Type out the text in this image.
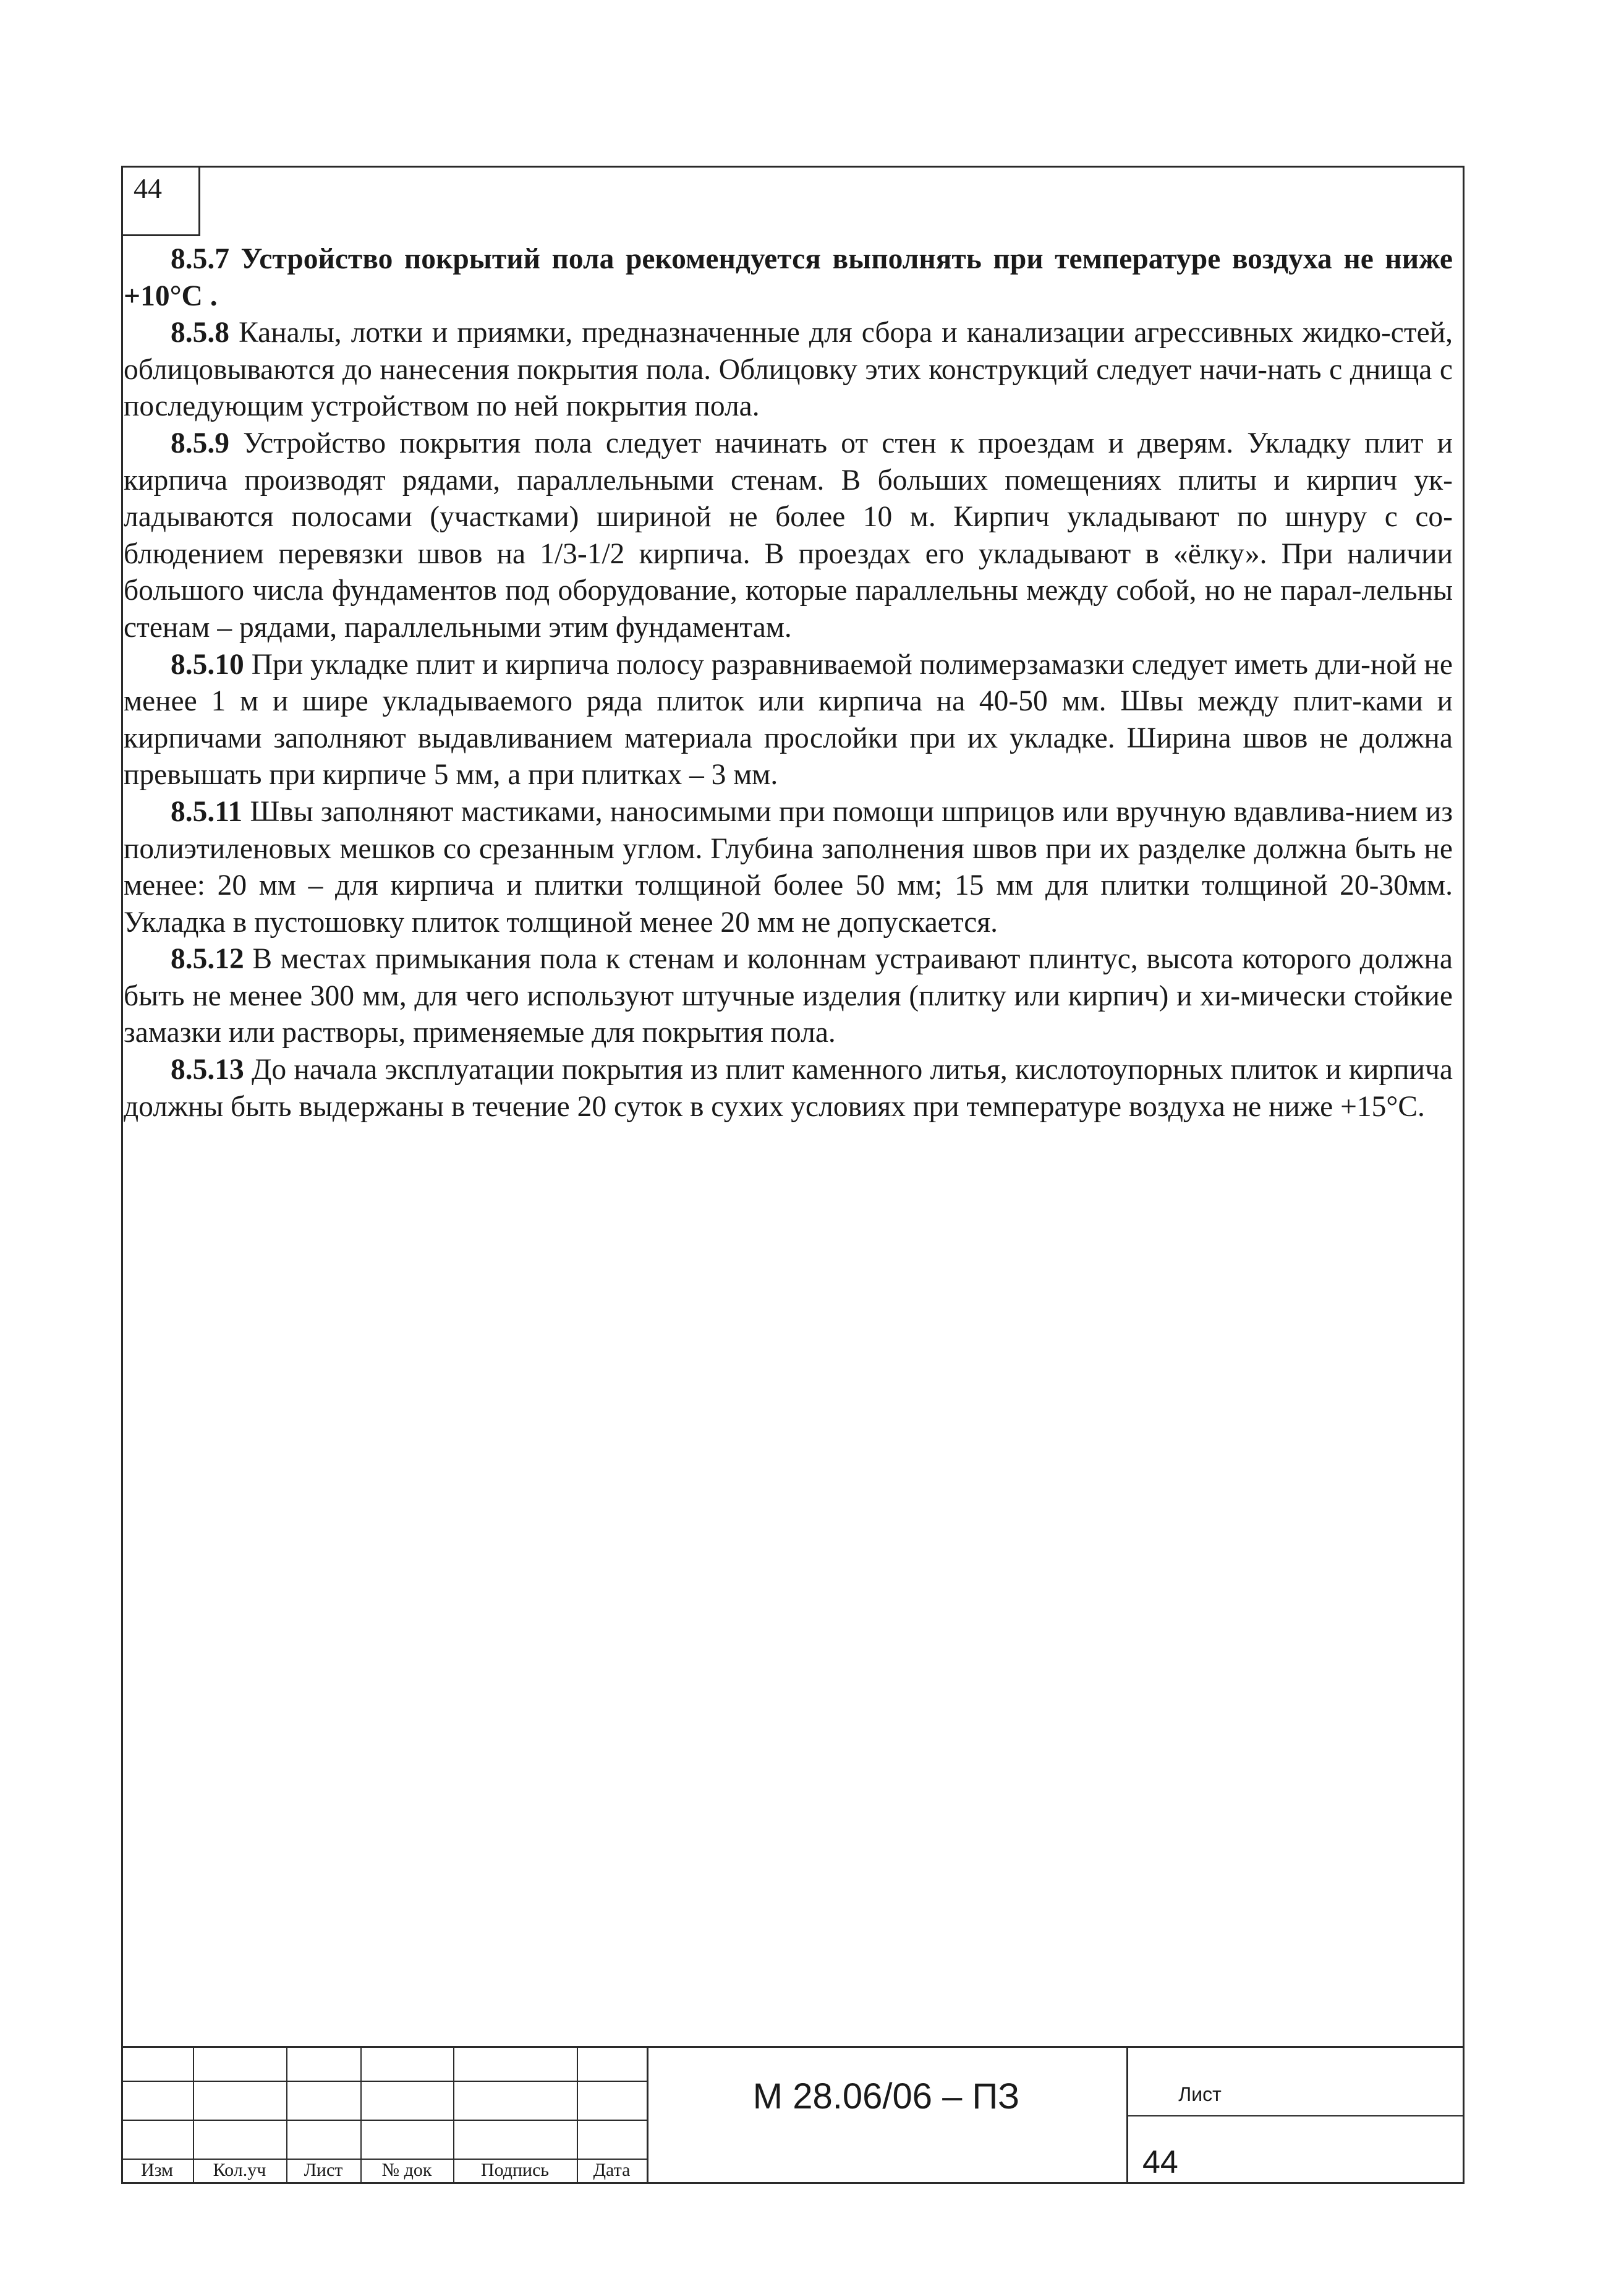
44

8.5.7 Устройство покрытий пола рекомендуется выполнять при температуре воздуха не ниже +10°С .

8.5.8 Каналы, лотки и приямки, предназначенные для сбора и канализации агрессивных жидко-стей, облицовываются до нанесения покрытия пола. Облицовку этих конструкций следует начи-нать с днища с последующим устройством по ней покрытия пола.

8.5.9 Устройство покрытия пола следует начинать от стен к проездам и дверям. Укладку плит и кирпича производят рядами, параллельными стенам. В больших помещениях плиты и кирпич ук-ладываются полосами (участками) шириной не более 10 м. Кирпич укладывают по шнуру с со-блюдением перевязки швов на 1/3-1/2 кирпича. В проездах его укладывают в «ёлку». При наличии большого числа фундаментов под оборудование, которые параллельны между собой, но не парал-лельны стенам – рядами, параллельными этим фундаментам.

8.5.10 При укладке плит и кирпича полосу разравниваемой полимерзамазки следует иметь дли-ной не менее 1 м и шире укладываемого ряда плиток или кирпича на 40-50 мм. Швы между плит-ками и кирпичами заполняют выдавливанием материала прослойки при их укладке. Ширина швов не должна превышать при кирпиче 5 мм, а при плитках – 3 мм.

8.5.11 Швы заполняют мастиками, наносимыми при помощи шприцов или вручную вдавлива-нием из полиэтиленовых мешков со срезанным углом. Глубина заполнения швов при их разделке должна быть не менее: 20 мм – для кирпича и плитки толщиной более 50 мм; 15 мм для плитки толщиной 20-30мм. Укладка в пустошовку плиток толщиной менее 20 мм не допускается.

8.5.12 В местах примыкания пола к стенам и колоннам устраивают плинтус, высота которого должна быть не менее 300 мм, для чего используют штучные изделия (плитку или кирпич) и хи-мически стойкие замазки или растворы, применяемые для покрытия пола.

8.5.13 До начала эксплуатации покрытия из плит каменного литья, кислотоупорных плиток и кирпича должны быть выдержаны в течение 20 суток в сухих условиях при температуре воздуха не ниже +15°С.

Изм	Кол.уч	Лист	№ док	Подпись	Дата
М 28.06/06 – ПЗ	Лист
44
